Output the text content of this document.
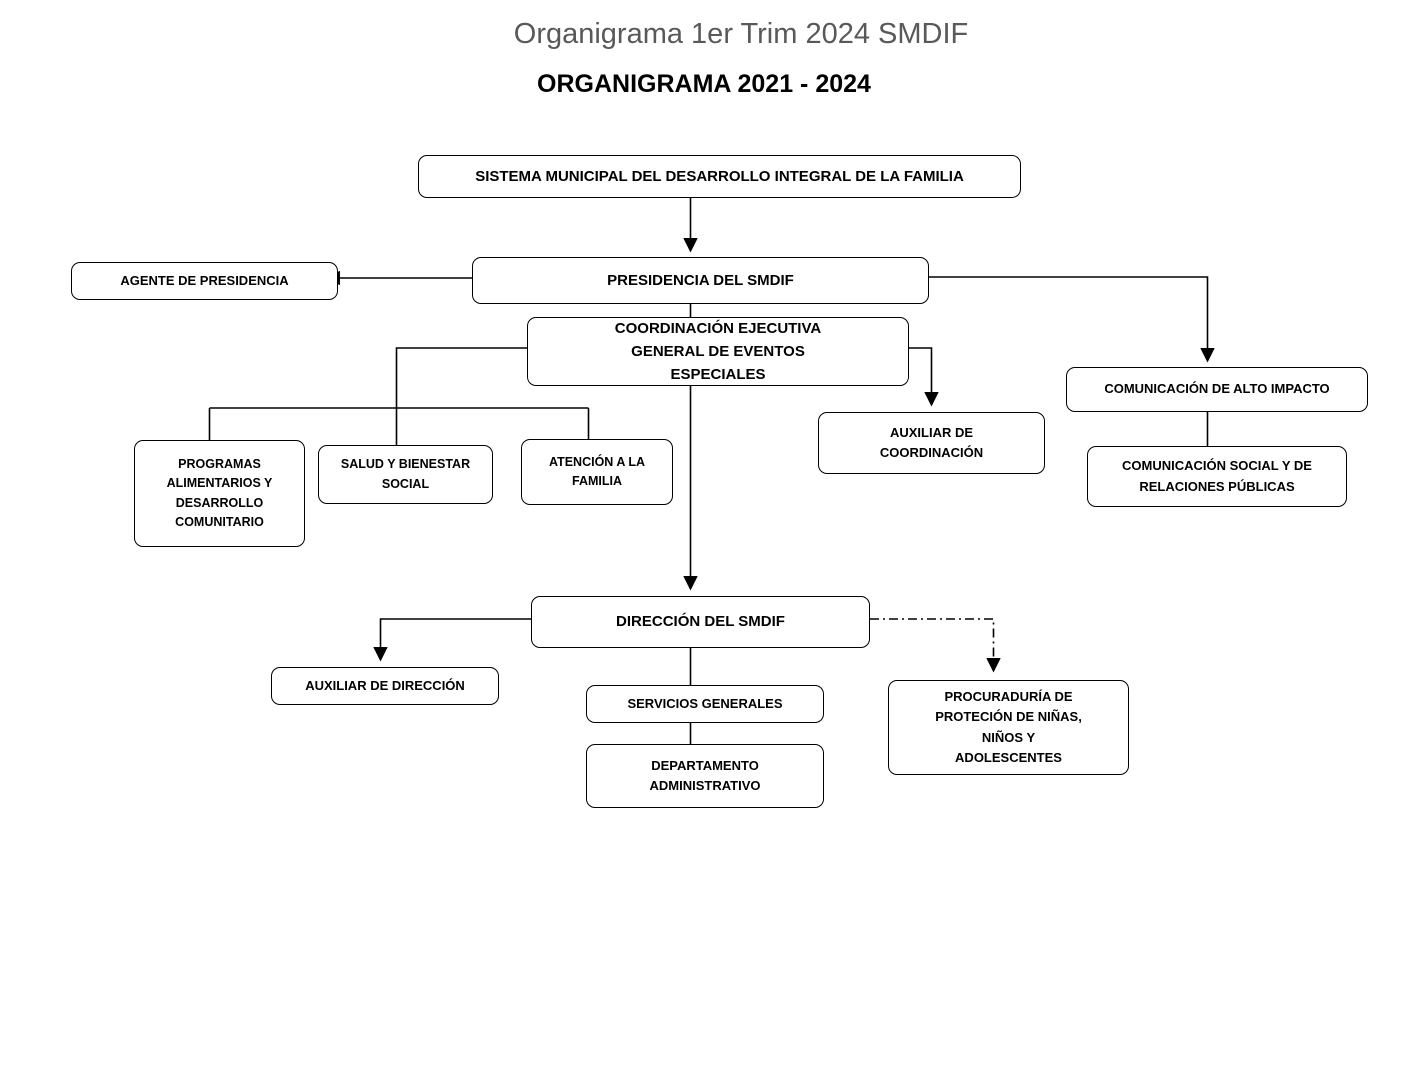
Organigrama 1er Trim 2024 SMDIF
ORGANIGRAMA 2021 - 2024
SISTEMA MUNICIPAL DEL DESARROLLO INTEGRAL DE LA FAMILIA
AGENTE DE PRESIDENCIA	PRESIDENCIA DEL SMDIF
COORDINACIÓN EJECUTIVA GENERAL DE EVENTOS ESPECIALES
PROGRAMAS ALIMENTARIOS Y DESARROLLO COMUNITARIO
SALUD Y BIENESTAR SOCIAL
ATENCIÓN A LA FAMILIA
AUXILIAR DE COORDINACIÓN
COMUNICACIÓN DE ALTO IMPACTO
COMUNICACIÓN SOCIAL Y DE RELACIONES PÚBLICAS
DIRECCIÓN DEL SMDIF
AUXILIAR DE DIRECCIÓN
SERVICIOS GENERALES
DEPARTAMENTO ADMINISTRATIVO
PROCURADURÍA DE PROTECIÓN DE NIÑAS, NIÑOS Y ADOLESCENTES
